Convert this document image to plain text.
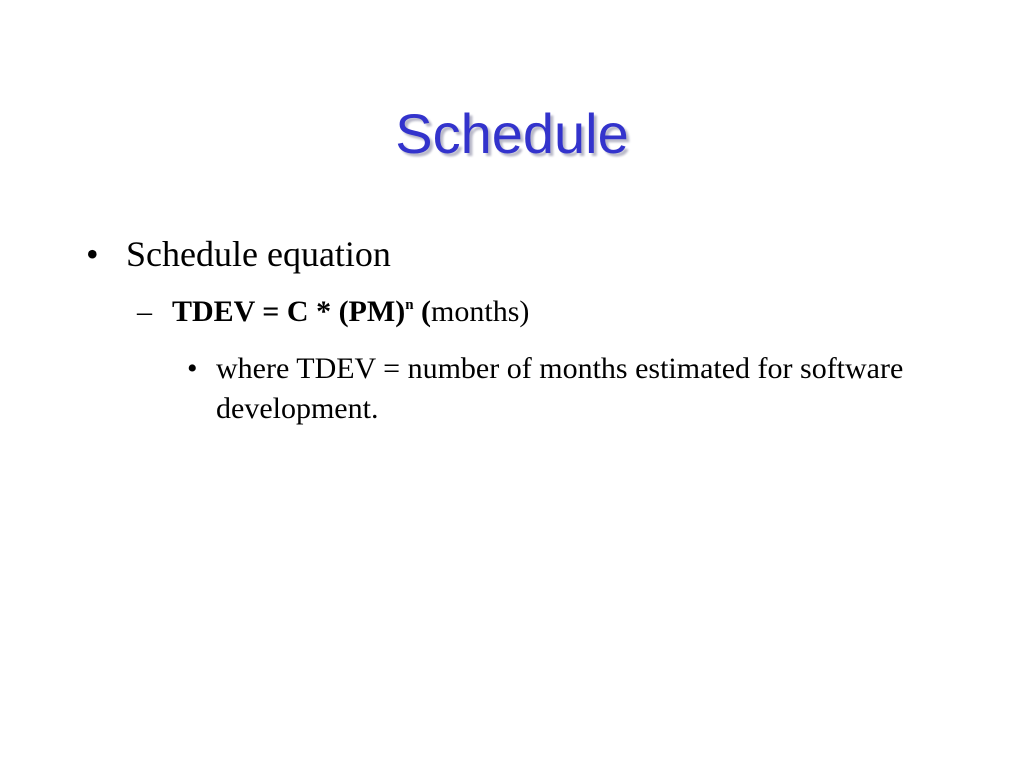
Schedule
• Schedule equation
– TDEV = C * (PM)$^n$ (months)
• where TDEV = number of months estimated for software development.
